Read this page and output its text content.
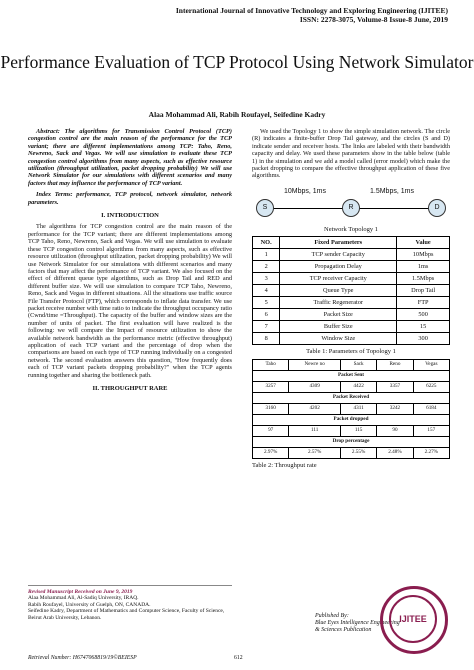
International Journal of Innovative Technology and Exploring Engineering (IJITEE)
ISSN: 2278-3075, Volume-8 Issue-8 June, 2019
Performance Evaluation of TCP Protocol Using Network Simulator
Alaa Mohammad Ali, Rabih Roufayel, Seifedine Kadry

Abstract: The algorithms for Transmission Control Protocol (TCP) congestion control are the main reason of the performance for the TCP variant; there are different implementations among TCP: Taho, Reno, Newreno, Sack and Vegas. We will use simulation to evaluate these TCP congestion control algorithms from many aspects, such as effective resource utilization (throughput utilization, packet dropping probability) We will use Network Simulator for our simulations with different scenarios and many factors that may influence the performance of TCP variant.

Index Terms: performance, TCP protocol, network simulator, network parameters.

I. INTRODUCTION

The algorithms for TCP congestion control are the main reason of the performance for the TCP variant; there are different implementations among TCP Taho, Reno, Newreno, Sack and Vegas. We will use simulation to evaluate these TCP congestion control algorithms from many aspects, such as effective resource utilization (throughput utilization, packet dropping probability) We will use Network Simulator for our simulations with different scenarios and many factors that may affect the performance of TCP variant. We also focused on the effect of different queue type algorithms, such as Drop Tail and RED and different buffer size. We will use simulation to compare TCP Taho, Newreno, Reno, Sack and Vegas in different situations. All the situations use traffic source File Transfer Protocol (FTP), which corresponds to inflate data transfer. We use packet receive number with time ratio to indicate the throughput occupancy ratio (Cwnd/time =Throughput). The capacity of the buffer and window sizes are the number of units of packet. The first evaluation will have realized is the following: we will compare the Impact of resource utilization to show the available network bandwidth as the performance metric (effective throughput) application of each TCP variant and the percentage of drop when the comparisons are based on each type of TCP running individually on a congested network. The second evaluation answers this question, "How frequently does each of TCP variant packets dropping probability?" when the TCP agents running together and sharing the bottleneck path.

II. THROUGHPUT RARE

We used the Topology 1 to show the simple simulation network. The circle (R) indicates a finite-buffer Drop Tail gateway, and the circles (S and D) indicate sender and receiver hosts. The links are labeled with their bandwidth capacity and delay. We used these parameters show in the table below (table 1) in the simulation and we add a model called (error model) which make the packet dropping to compare the effective throughput application of these five algorithms.

10Mbps, 1ms	1.5Mbps, 1ms
S	R	D
Network Topology 1
NO.	Fixed Parameters	Value
1	TCP sender Capacity	10Mbps
2	Propagation Delay	1ms
3	TCP receiver Capacity	1.5Mbps
4	Queue Type	Drop Tail
5	Traffic Regenerator	FTP
6	Packet Size	500
7	Buffer Size	15
8	Window Size	300
Table 1: Parameters of Topology 1
Taho	Newre no	Sack	Reno	Vegas
Packet Sent				
3257	4309	4422	3357	6225
Packet Received				
3160	4202	4311	3242	6184
Packet dropped				
97	111	115	90	157
Drop percentage				
2.97%	2.57%	2.55%	2.48%	2.27%
Table 2: Throughput rate
Revised Manuscript Received on June 9, 2019
Alaa Mohammad Ali, Al-Sadiq University, IRAQ.
Rabih Roufayel, University of Guelph, ON, CANADA.
Seifedine Kadry, Department of Mathematics and Computer Science, Faculty of Science, Beirut Arab University, Lebanon.	Published By:
Blue Eyes Intelligence Engineering
& Sciences Publication
IJITEE
Retrieval Number: H6747068819/19©BEIESP	612
